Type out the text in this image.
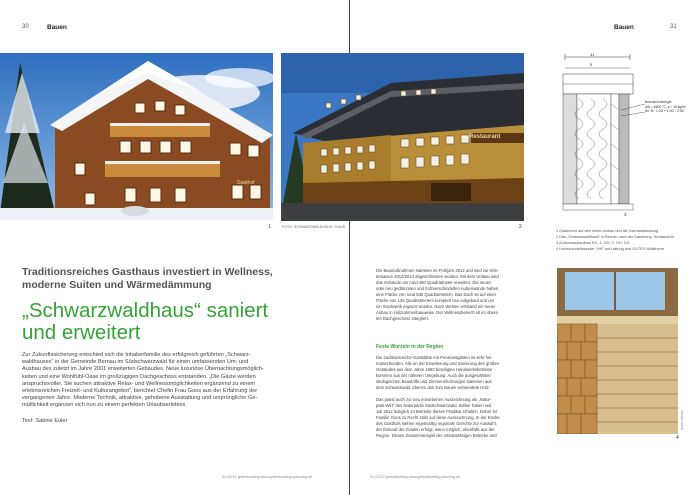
30	Bauen
1
Traditionsreiches Gasthaus investiert in Wellness,
moderne Suiten und Wärmedämmung
„Schwarzwaldhaus“ saniert
und erweitert
Zur Zukunftssicherung entschied sich die Inhaberfamilie des erfolgreich geführten „Schwarz-
waldhauses“ in der Gemeinde Bernau im Südschwarzwald für einen umfassenden Um- und
Ausbau des zuletzt im Jahre 2001 erweiterten Gebäudes. Neue luxuriöse Übernachtungsmöglich-
keiten und eine Wohlfühl-Oase im großzügigen Dachgeschoss entstanden. „Die Gäste werden
anspruchsvoller. Sie suchen attraktive Relax- und Wellnessmöglichkeiten ergänzend zu einem
erlebnisreichen Freizeit- und Kulturangebot“, berichtet Chefin Frau Goos aus der Erfahrung der
vergangenen Jahre. Moderne Technik, attraktive, gehobene Ausstattung und ursprüngliche Ge-
mütlichkeit ergänzen sich nun zu einem perfekten Urlaubserlebnis.
Text: Sabine Euler
01-02/13 greenbuilding www.greenbuilding-planning.de
Bauen	31
Restaurant
Gasthof
FOTO: SCHWARZWALDHAUS / KAUS	2
41
8
Brandschutzriegel
AW = 6600 °C; p = 15 kg/m²
lfd. Sl.: 1.0G + 1.0G - 2.0G
3
1 Ostansicht auf den neuen Anbau und die Dachaufstockung
2 Das „Schwarzwaldhaus“ in Bernau nach der Sanierung, Nordansicht
3 Außenwandaufbau EG, 1. OG, 2. OG, DG
4 Holzschindelfassade: VHF auf Lattung und GUTEX Multitherm
Die Baumaßnahmen starteten im Frühjahr 2012 und sind zur Win-
tersaison 2012/2013 abgeschlossen worden. Mit dem Umbau wird
das Gebäude um rund 450 Quadratmeter erweitert. Die neuen
oder neu gedämmten und holzverschindelten Außenwände haben
eine Fläche von rund 530 Quadratmetern. Das Dach ist auf einer
Fläche von 125 Quadratmetern komplett neu aufgebaut und um
ein Stockwerk ergänzt worden. Nach Westen entstand ein neuer
Anbau in Holzrahmenbauweise. Der Wellnessbereich ist im obers-
ten Dachgeschoss integriert.
Feste Wurzeln in der Region
Die traditionsreiche Gaststätte mit Pensionsgästen ist sehr hei-
matverbunden. Alle an der Erweiterung und Sanierung des großen
Gebäudes aus dem Jahre 1860 beteiligten Handwerksbetriebe
kommen aus der näheren Umgebung. Auch die ausgewählten
ökologischen Baustoffe und Zimmereiholzungen stammen aus
dem Schwarzwald, ebenso das zum Bauen verwendete Holz.
Das passt auch zur neu erworbenen Auszeichnung als „Natur-
park-Wirt“ des Naturparks Südschwarzwald. Bisher haben seit
Juli 2012 lediglich 14 Betriebe dieses Prädikat erhalten. Daher ist
Familie Goos zu Recht stolz auf diese Auszeichnung. In der Küche
des Gasthofs stehen regelmäßig regionale Gerichte zur Auswahl,
der Einkauf der Zutaten erfolgt, wenn möglich, ebenfalls aus der
Region. Dieses Zusammenspiel der ortsansässigen Betriebe und
FOTO: GUTEX
4
01-02/13 greenbuilding www.greenbuilding-planning.de
